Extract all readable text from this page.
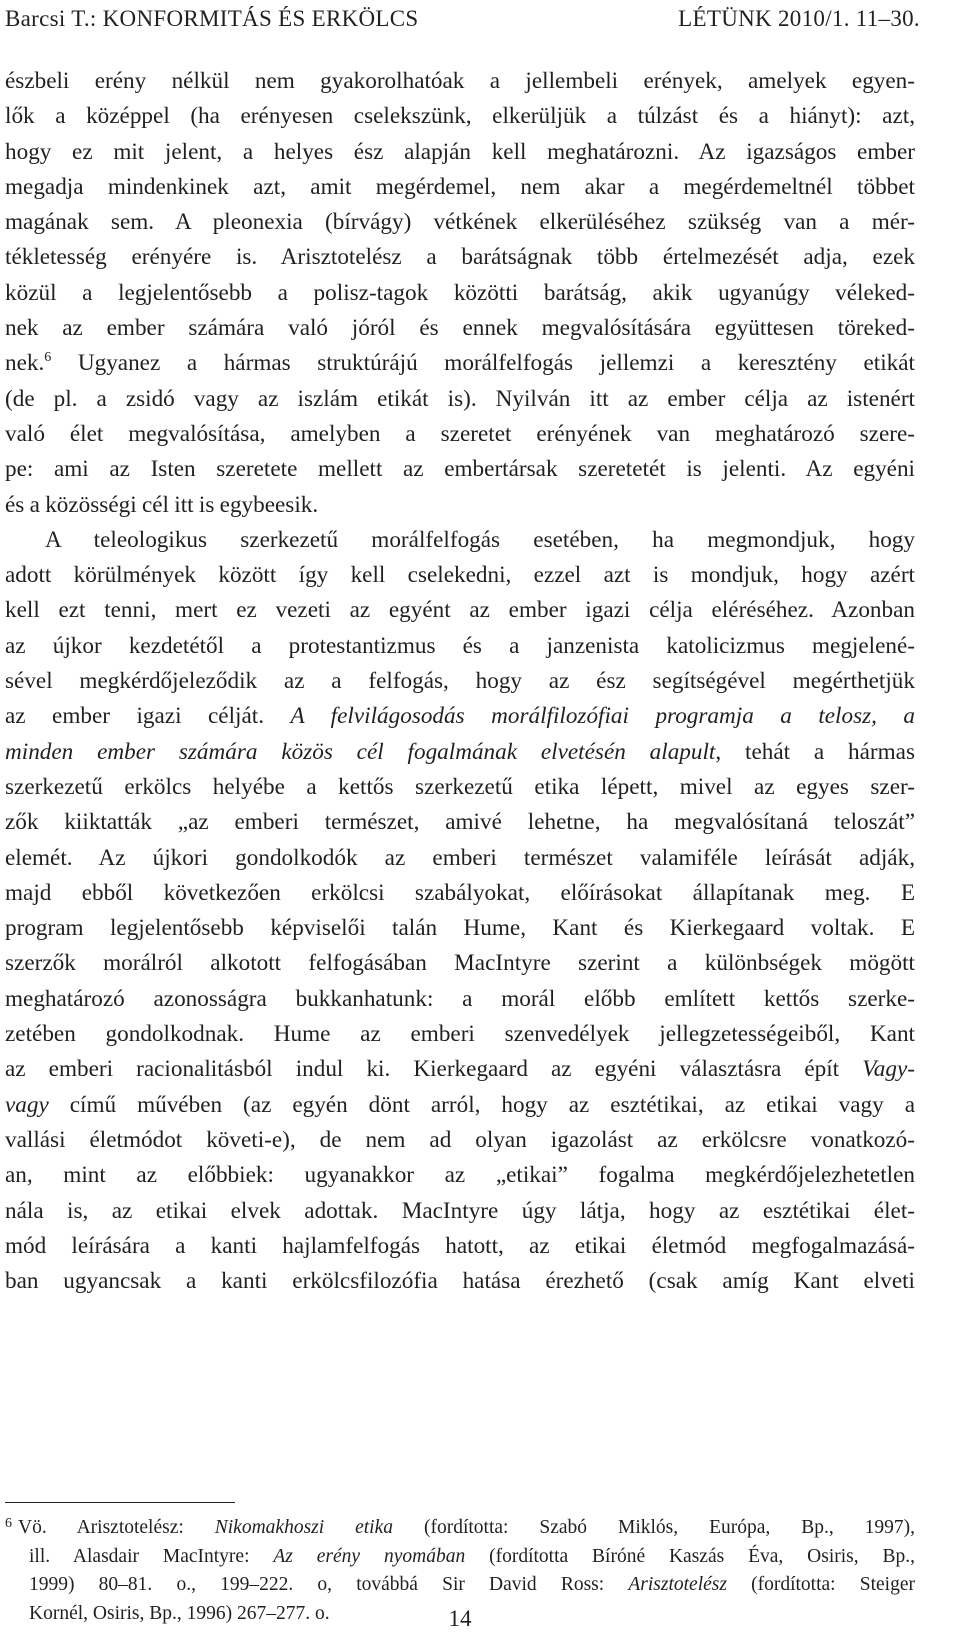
Barcsi T.: KONFORMITÁS ÉS ERKÖLCS	LÉTÜNK 2010/1. 11–30.

észbeli erény nélkül nem gyakorolhatóak a jellembeli erények, amelyek egyen-
lők a középpel (ha erényesen cselekszünk, elkerüljük a túlzást és a hiányt): azt,
hogy ez mit jelent, a helyes ész alapján kell meghatározni. Az igazságos ember
megadja mindenkinek azt, amit megérdemel, nem akar a megérdemeltnél többet
magának sem. A pleonexia (bírvágy) vétkének elkerüléséhez szükség van a mér-
tékletesség erényére is. Arisztotelész a barátságnak több értelmezését adja, ezek
közül a legjelentősebb a polisz-tagok közötti barátság, akik ugyanúgy véleked-
nek az ember számára való jóról és ennek megvalósítására együttesen töreked-
nek.$^6$ Ugyanez a hármas struktúrájú morálfelfogás jellemzi a keresztény etikát
(de pl. a zsidó vagy az iszlám etikát is). Nyilván itt az ember célja az istenért
való élet megvalósítása, amelyben a szeretet erényének van meghatározó szere-
pe: ami az Isten szeretete mellett az embertársak szeretetét is jelenti. Az egyéni
és a közösségi cél itt is egybeesik.

A teleologikus szerkezetű morálfelfogás esetében, ha megmondjuk, hogy
adott körülmények között így kell cselekedni, ezzel azt is mondjuk, hogy azért
kell ezt tenni, mert ez vezeti az egyént az ember igazi célja eléréséhez. Azonban
az újkor kezdetétől a protestantizmus és a janzenista katolicizmus megjelené-
sével megkérdőjeleződik az a felfogás, hogy az ész segítségével megérthetjük
az ember igazi célját. A felvilágosodás morálfilozófiai programja a telosz, a
minden ember számára közös cél fogalmának elvetésén alapult, tehát a hármas
szerkezetű erkölcs helyébe a kettős szerkezetű etika lépett, mivel az egyes szer-
zők kiiktatták „az emberi természet, amivé lehetne, ha megvalósítaná teloszát”
elemét. Az újkori gondolkodók az emberi természet valamiféle leírását adják,
majd ebből következően erkölcsi szabályokat, előírásokat állapítanak meg. E
program legjelentősebb képviselői talán Hume, Kant és Kierkegaard voltak. E
szerzők morálról alkotott felfogásában MacIntyre szerint a különbségek mögött
meghatározó azonosságra bukkanhatunk: a morál előbb említett kettős szerke-
zetében gondolkodnak. Hume az emberi szenvedélyek jellegzetességeiből, Kant
az emberi racionalitásból indul ki. Kierkegaard az egyéni választásra épít Vagy-
vagy című művében (az egyén dönt arról, hogy az esztétikai, az etikai vagy a
vallási életmódot követi-e), de nem ad olyan igazolást az erkölcsre vonatkozó-
an, mint az előbbiek: ugyanakkor az „etikai” fogalma megkérdőjelezhetetlen
nála is, az etikai elvek adottak. MacIntyre úgy látja, hogy az esztétikai élet-
mód leírására a kanti hajlamfelfogás hatott, az etikai életmód megfogalmazásá-
ban ugyancsak a kanti erkölcsfilozófia hatása érezhető (csak amíg Kant elveti

$^6$ Vö. Arisztotelész: Nikomakhoszi etika (fordította: Szabó Miklós, Európa, Bp., 1997),
ill. Alasdair MacIntyre: Az erény nyomában (fordította Bíróné Kaszás Éva, Osiris, Bp.,
1999) 80–81. o., 199–222. o, továbbá Sir David Ross: Arisztotelész (fordította: Steiger
Kornél, Osiris, Bp., 1996) 267–277. o.	14
